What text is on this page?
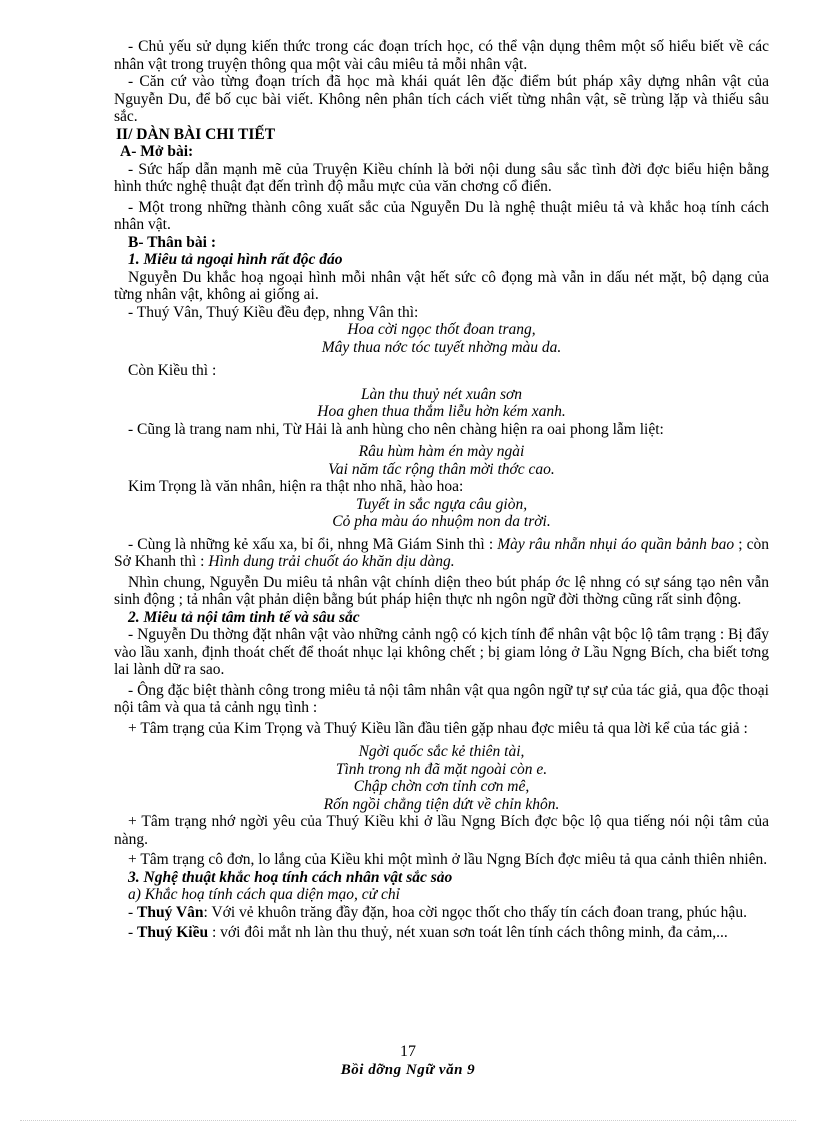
- Chủ yếu sử dụng kiến thức trong các đoạn trích học, có thể vận dụng thêm một số hiểu biết về các nhân vật trong truyện thông qua một vài câu miêu tả mỗi nhân vật.

- Căn cứ vào từng đoạn trích đã học mà khái quát lên đặc điểm bút pháp xây dựng nhân vật của Nguyễn Du, để bố cục bài viết. Không nên phân tích cách viết từng nhân vật, sẽ trùng lặp và thiếu sâu sắc.

II/ DÀN BÀI CHI TIẾT

A- Mở bài:

- Sức hấp dẫn mạnh mẽ của Truyện Kiều chính là bởi nội dung sâu sắc tình đời đợc biểu hiện bằng hình thức nghệ thuật đạt đến trình độ mẫu mực của văn chơng cổ điển.

- Một trong những thành công xuất sắc của Nguyễn Du là nghệ thuật miêu tả và khắc hoạ tính cách nhân vật.

B- Thân bài :

1. Miêu tả ngoại hình rất độc đáo

Nguyễn Du khắc hoạ ngoại hình mỗi nhân vật hết sức cô đọng mà vẫn in dấu nét mặt, bộ dạng của từng nhân vật, không ai giống ai.

- Thuý Vân, Thuý Kiều đều đẹp, nhng Vân thì:

Hoa cời ngọc thốt đoan trang,

Mây thua nớc tóc tuyết nhờng màu da.

Còn Kiều thì :

Làn thu thuỷ nét xuân sơn

Hoa ghen thua thắm liễu hờn kém xanh.

- Cũng là trang nam nhi, Từ Hải là anh hùng cho nên chàng hiện ra oai phong lẫm liệt:

Râu hùm hàm én mày ngài

Vai năm tấc rộng thân mời thớc cao.

Kim Trọng là văn nhân, hiện ra thật nho nhã, hào hoa:

Tuyết in sắc ngựa câu giòn,

Cỏ pha màu áo nhuộm non da trời.

- Cùng là những kẻ xấu xa, bỉ ổi, nhng Mã Giám Sinh thì : Mày râu nhẵn nhụi áo quần bảnh bao ; còn Sở Khanh thì : Hình dung trải chuốt áo khăn dịu dàng.

Nhìn chung, Nguyễn Du miêu tả nhân vật chính diện theo bút pháp ớc lệ nhng có sự sáng tạo nên vẫn sinh động ; tả nhân vật phản diện bằng bút pháp hiện thực nh ngôn ngữ đời thờng cũng rất sinh động.

2. Miêu tả nội tâm tinh tế và sâu sắc

- Nguyễn Du thờng đặt nhân vật vào những cảnh ngộ có kịch tính để nhân vật bộc lộ tâm trạng : Bị đẩy vào lầu xanh, định thoát chết để thoát nhục lại không chết ; bị giam lỏng ở Lầu Ngng Bích, cha biết tơng lai lành dữ ra sao.

- Ông đặc biệt thành công trong miêu tả nội tâm nhân vật qua ngôn ngữ tự sự của tác giả, qua độc thoại nội tâm và qua tả cảnh ngụ tình :

+ Tâm trạng của Kim Trọng và Thuý Kiều lần đầu tiên gặp nhau đợc miêu tả qua lời kể của tác giả :

Ngời quốc sắc kẻ thiên tài,

Tình trong nh đã mặt ngoài còn e.

Chập chờn cơn tỉnh cơn mê,

Rốn ngồi chẳng tiện dứt về chỉn khôn.

+ Tâm trạng nhớ ngời yêu của Thuý Kiều khi ở lầu Ngng Bích đợc bộc lộ qua tiếng nói nội tâm của nàng.

+ Tâm trạng cô đơn, lo lắng của Kiều khi một mình ở lầu Ngng Bích đợc miêu tả qua cảnh thiên nhiên.

3. Nghệ thuật khắc hoạ tính cách nhân vật sắc sảo

a) Khắc hoạ tính cách qua diện mạo, cử chỉ

- Thuý Vân: Với vẻ khuôn trăng đầy đặn, hoa cời ngọc thốt cho thấy tín cách đoan trang, phúc hậu.

- Thuý Kiều : với đôi mắt nh làn thu thuỷ, nét xuan sơn toát lên tính cách thông minh, đa cảm,...

17
Bồi dỡng Ngữ văn 9
